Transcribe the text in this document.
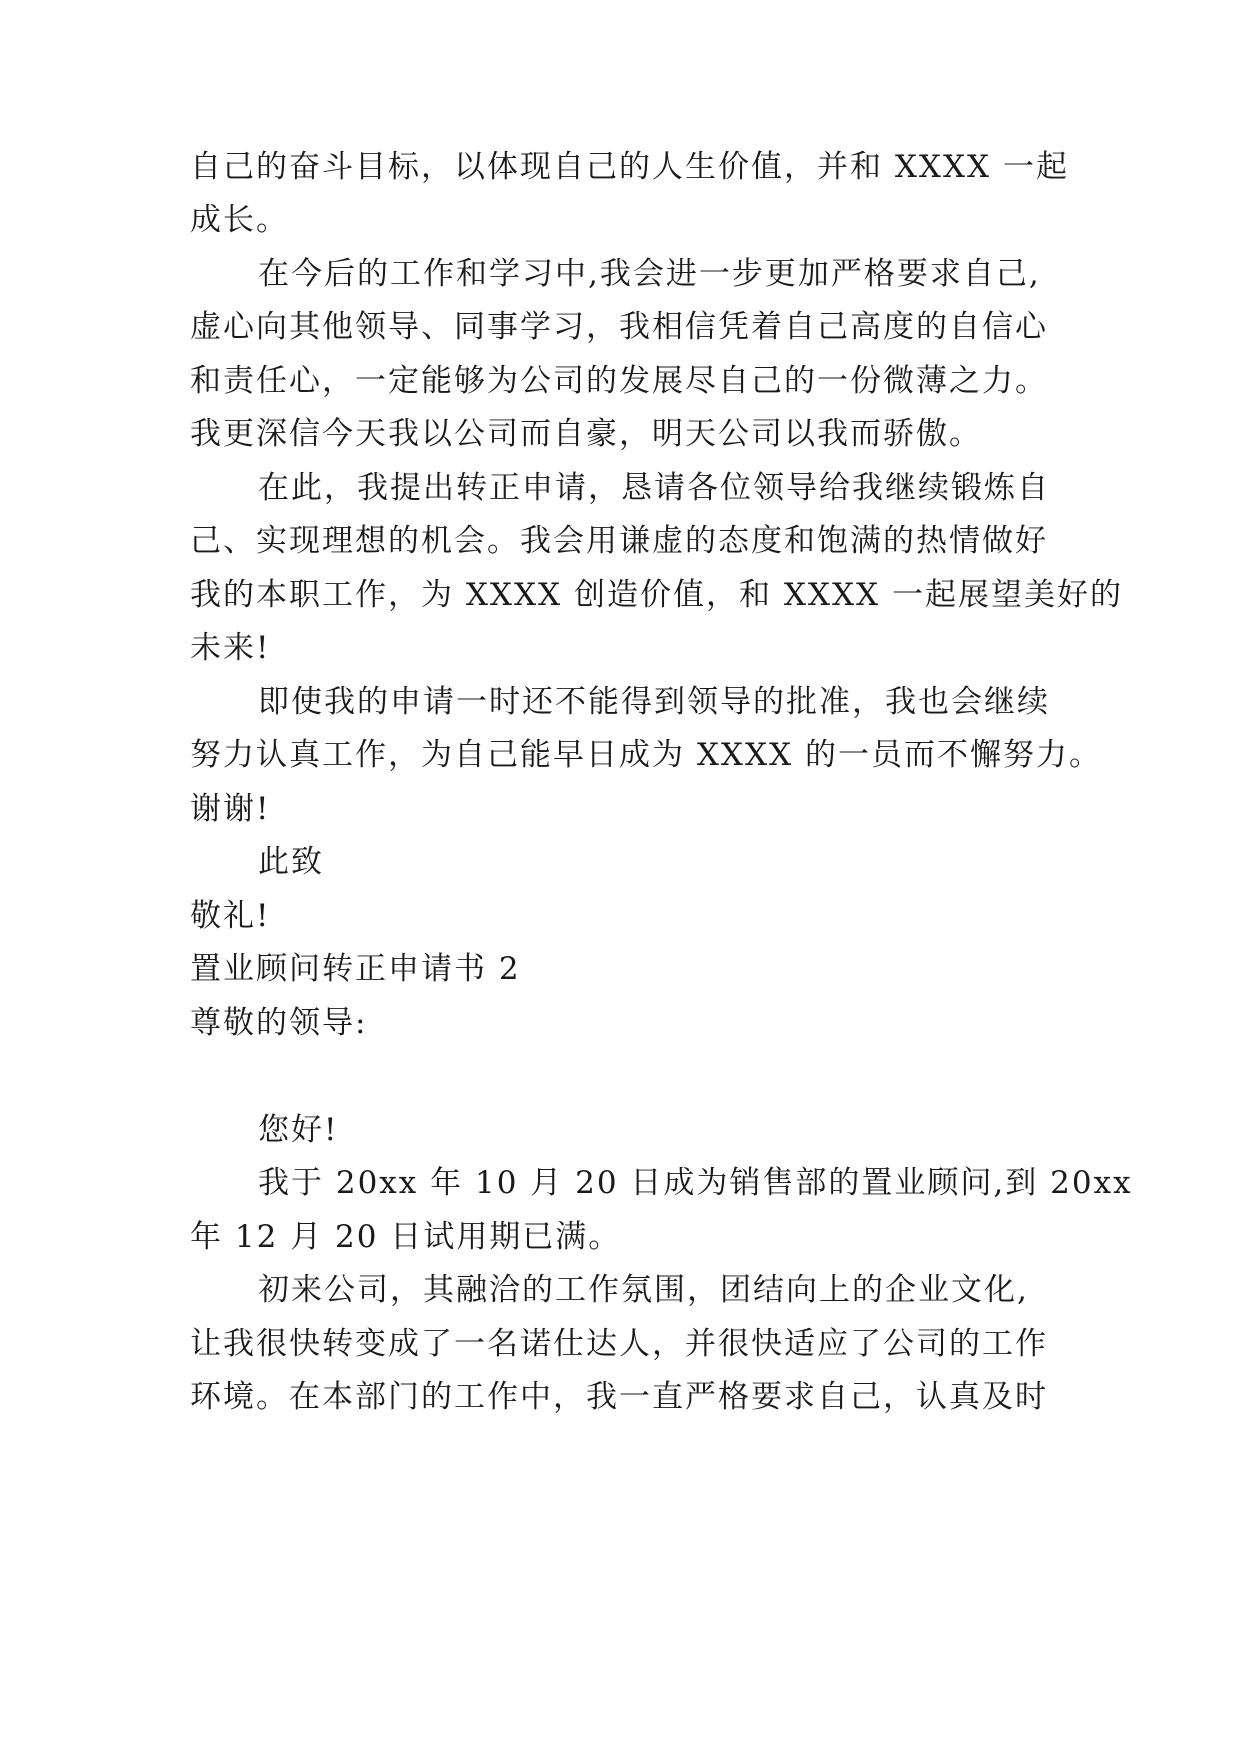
自己的奋斗目标，以体现自己的人生价值，并和 XXXX 一起
成长。
在今后的工作和学习中,我会进一步更加严格要求自己,
虚心向其他领导、同事学习，我相信凭着自己高度的自信心
和责任心，一定能够为公司的发展尽自己的一份微薄之力。
我更深信今天我以公司而自豪，明天公司以我而骄傲。
在此，我提出转正申请，恳请各位领导给我继续锻炼自
己、实现理想的机会。我会用谦虚的态度和饱满的热情做好
我的本职工作，为 XXXX 创造价值，和 XXXX 一起展望美好的
未来!
即使我的申请一时还不能得到领导的批准，我也会继续
努力认真工作，为自己能早日成为 XXXX 的一员而不懈努力。
谢谢!
此致
敬礼!
置业顾问转正申请书 2
尊敬的领导:
您好!
我于 20xx 年 10 月 20 日成为销售部的置业顾问,到 20xx
年 12 月 20 日试用期已满。
初来公司，其融洽的工作氛围，团结向上的企业文化,
让我很快转变成了一名诺仕达人，并很快适应了公司的工作
环境。在本部门的工作中，我一直严格要求自己，认真及时
